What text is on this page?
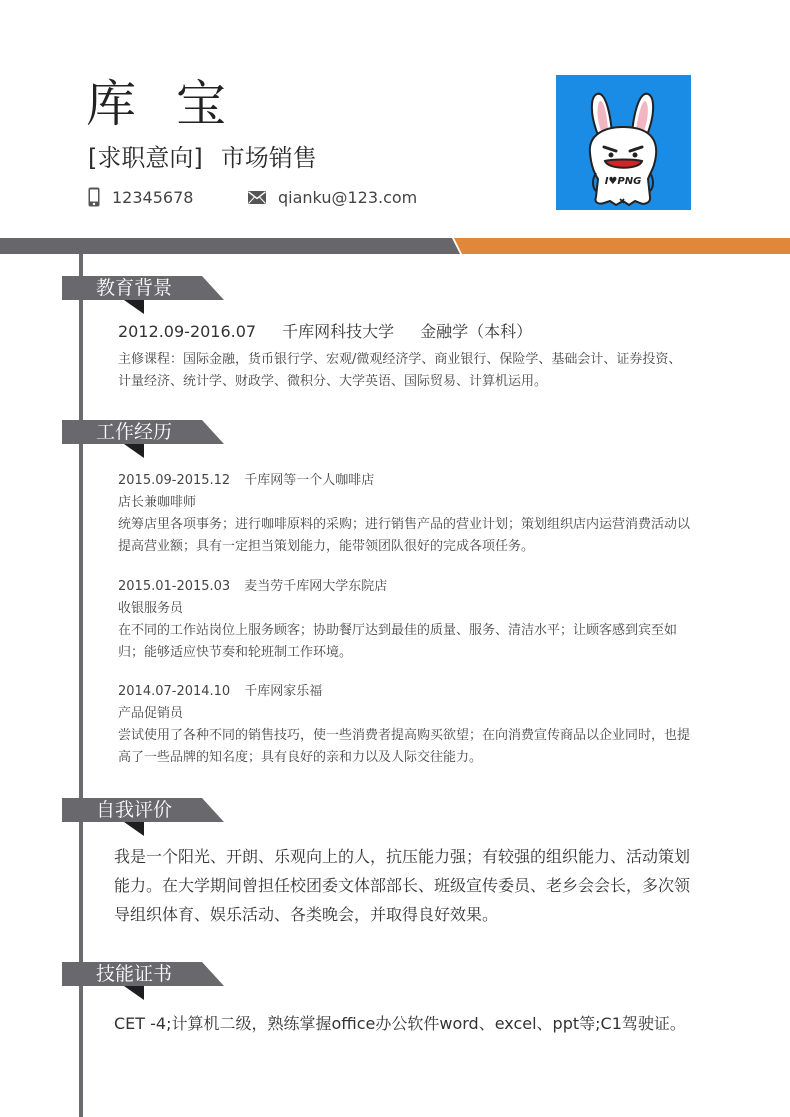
库宝
[求职意向] 市场销售
12345678	qianku@123.com
I♥PNG
教育背景
2012.09-2016.07 千库网科技大学 金融学（本科）
主修课程：国际金融，货币银行学、宏观/微观经济学、商业银行、保险学、基础会计、证券投资、计量经济、统计学、财政学、微积分、大学英语、国际贸易、计算机运用。
工作经历
2015.09-2015.12 千库网等一个人咖啡店
店长兼咖啡师
统筹店里各项事务；进行咖啡原料的采购；进行销售产品的营业计划；策划组织店内运营消费活动以提高营业额；具有一定担当策划能力，能带领团队很好的完成各项任务。
2015.01-2015.03 麦当劳千库网大学东院店
收银服务员
在不同的工作站岗位上服务顾客；协助餐厅达到最佳的质量、服务、清洁水平；让顾客感到宾至如归；能够适应快节奏和轮班制工作环境。
2014.07-2014.10 千库网家乐福
产品促销员
尝试使用了各种不同的销售技巧，使一些消费者提高购买欲望；在向消费宣传商品以企业同时，也提高了一些品牌的知名度；具有良好的亲和力以及人际交往能力。
自我评价
我是一个阳光、开朗、乐观向上的人，抗压能力强；有较强的组织能力、活动策划能力。在大学期间曾担任校团委文体部部长、班级宣传委员、老乡会会长，多次领导组织体育、娱乐活动、各类晚会，并取得良好效果。
技能证书
CET -4;计算机二级，熟练掌握office办公软件word、excel、ppt等;C1驾驶证。
